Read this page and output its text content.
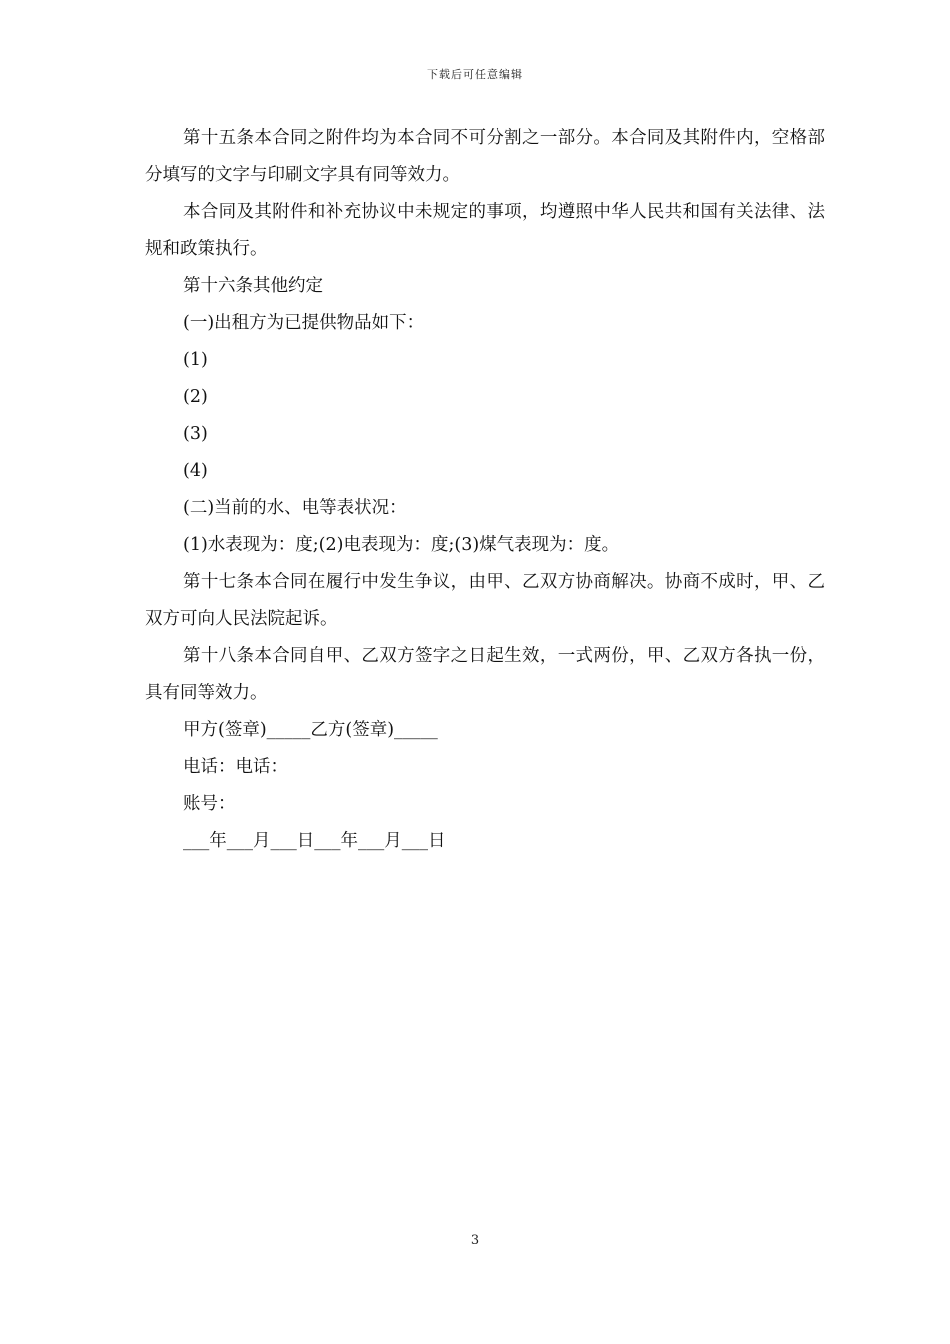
下载后可任意编辑

第十五条本合同之附件均为本合同不可分割之一部分。本合同及其附件内，空格部分填写的文字与印刷文字具有同等效力。

本合同及其附件和补充协议中未规定的事项，均遵照中华人民共和国有关法律、法规和政策执行。

第十六条其他约定

(一)出租方为已提供物品如下：

(1)

(2)

(3)

(4)

(二)当前的水、电等表状况：

(1)水表现为：度;(2)电表现为：度;(3)煤气表现为：度。

第十七条本合同在履行中发生争议，由甲、乙双方协商解决。协商不成时，甲、乙双方可向人民法院起诉。

第十八条本合同自甲、乙双方签字之日起生效，一式两份，甲、乙双方各执一份，具有同等效力。

甲方(签章)_____乙方(签章)_____

电话：电话：

账号：

___年___月___日___年___月___日

3
